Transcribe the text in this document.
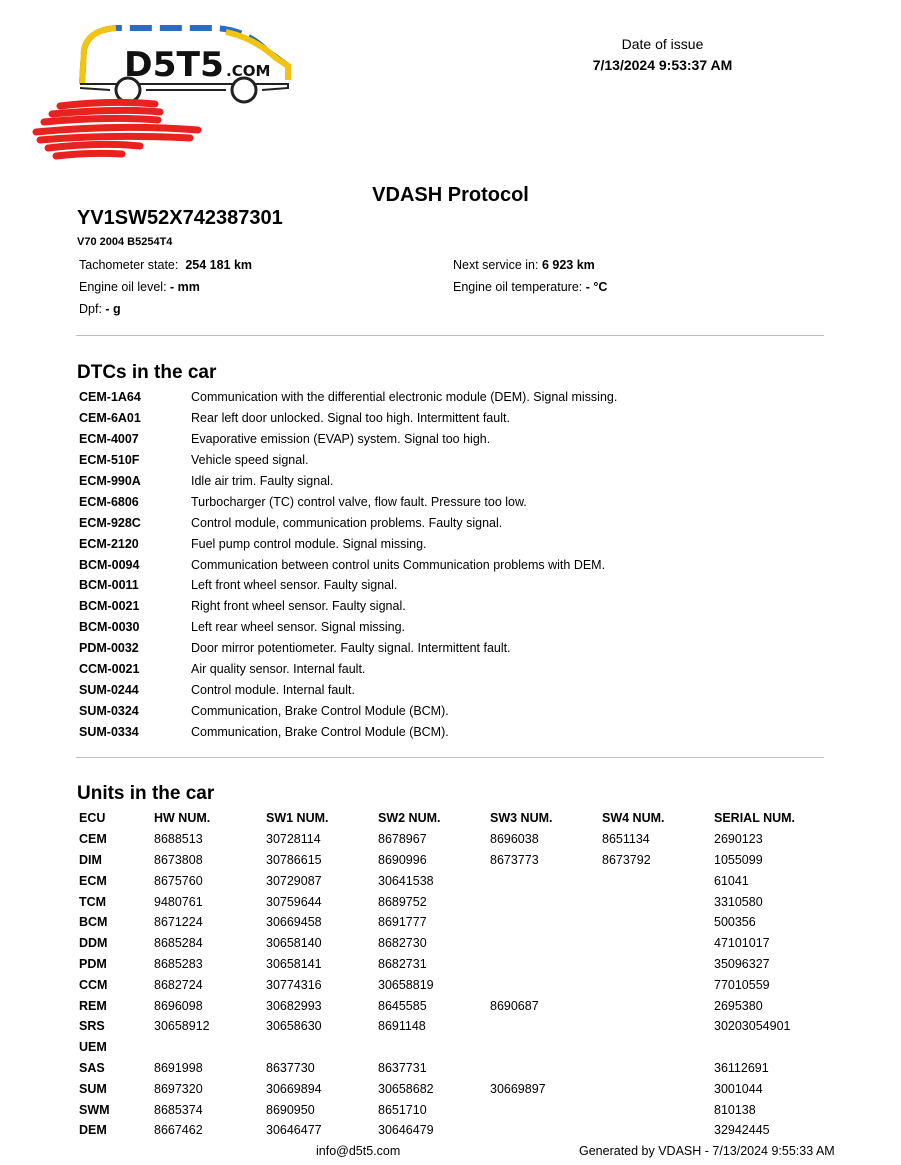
D5T5 .COM
Date of issue
7/13/2024 9:53:37 AM
VDASH Protocol
YV1SW52X742387301
V70 2004 B5254T4
Tachometer state: 254 181 km	Next service in: 6 923 km
Engine oil level: - mm	Engine oil temperature: - °C
Dpf: - g
DTCs in the car
CEM-1A64	Communication with the differential electronic module (DEM). Signal missing.
CEM-6A01	Rear left door unlocked. Signal too high. Intermittent fault.
ECM-4007	Evaporative emission (EVAP) system. Signal too high.
ECM-510F	Vehicle speed signal.
ECM-990A	Idle air trim. Faulty signal.
ECM-6806	Turbocharger (TC) control valve, flow fault. Pressure too low.
ECM-928C	Control module, communication problems. Faulty signal.
ECM-2120	Fuel pump control module. Signal missing.
BCM-0094	Communication between control units Communication problems with DEM.
BCM-0011	Left front wheel sensor. Faulty signal.
BCM-0021	Right front wheel sensor. Faulty signal.
BCM-0030	Left rear wheel sensor. Signal missing.
PDM-0032	Door mirror potentiometer. Faulty signal. Intermittent fault.
CCM-0021	Air quality sensor. Internal fault.
SUM-0244	Control module. Internal fault.
SUM-0324	Communication, Brake Control Module (BCM).
SUM-0334	Communication, Brake Control Module (BCM).
Units in the car
ECU	HW NUM.	SW1 NUM.	SW2 NUM.	SW3 NUM.	SW4 NUM.	SERIAL NUM.
CEM	8688513	30728114	8678967	8696038	8651134	2690123
DIM	8673808	30786615	8690996	8673773	8673792	1055099
ECM	8675760	30729087	30641538			61041
TCM	9480761	30759644	8689752			3310580
BCM	8671224	30669458	8691777			500356
DDM	8685284	30658140	8682730			47101017
PDM	8685283	30658141	8682731			35096327
CCM	8682724	30774316	30658819			77010559
REM	8696098	30682993	8645585	8690687		2695380
SRS	30658912	30658630	8691148			30203054901
UEM						
SAS	8691998	8637730	8637731			36112691
SUM	8697320	30669894	30658682	30669897		3001044
SWM	8685374	8690950	8651710			810138
DEM	8667462	30646477	30646479			32942445
info@d5t5.com	Generated by VDASH - 7/13/2024 9:55:33 AM
